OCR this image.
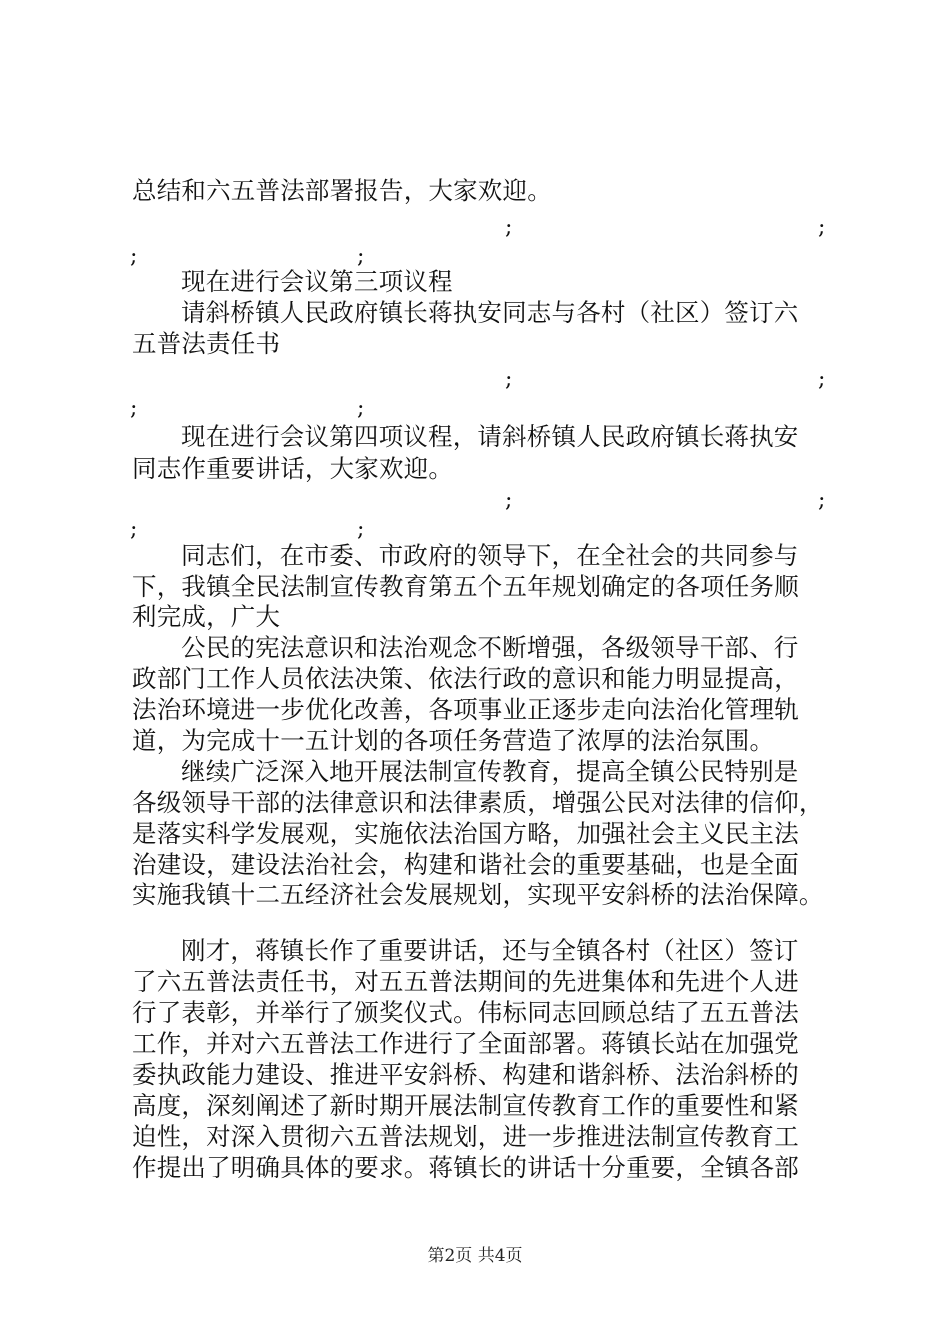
总结和六五普法部署报告，大家欢迎。
;	;
;	;
现在进行会议第三项议程
请斜桥镇人民政府镇长蒋执安同志与各村（社区）签订六
五普法责任书
;	;
;	;
现在进行会议第四项议程，请斜桥镇人民政府镇长蒋执安
同志作重要讲话，大家欢迎。
;	;
;	;
同志们，在市委、市政府的领导下，在全社会的共同参与
下，我镇全民法制宣传教育第五个五年规划确定的各项任务顺
利完成，广大
公民的宪法意识和法治观念不断增强，各级领导干部、行
政部门工作人员依法决策、依法行政的意识和能力明显提高，
法治环境进一步优化改善，各项事业正逐步走向法治化管理轨
道，为完成十一五计划的各项任务营造了浓厚的法治氛围。
继续广泛深入地开展法制宣传教育，提高全镇公民特别是
各级领导干部的法律意识和法律素质，增强公民对法律的信仰，
是落实科学发展观，实施依法治国方略，加强社会主义民主法
治建设，建设法治社会，构建和谐社会的重要基础，也是全面
实施我镇十二五经济社会发展规划，实现平安斜桥的法治保障。
刚才，蒋镇长作了重要讲话，还与全镇各村（社区）签订
了六五普法责任书，对五五普法期间的先进集体和先进个人进
行了表彰，并举行了颁奖仪式。伟标同志回顾总结了五五普法
工作，并对六五普法工作进行了全面部署。蒋镇长站在加强党
委执政能力建设、推进平安斜桥、构建和谐斜桥、法治斜桥的
高度，深刻阐述了新时期开展法制宣传教育工作的重要性和紧
迫性，对深入贯彻六五普法规划，进一步推进法制宣传教育工
作提出了明确具体的要求。蒋镇长的讲话十分重要，全镇各部
第2页 共4页
